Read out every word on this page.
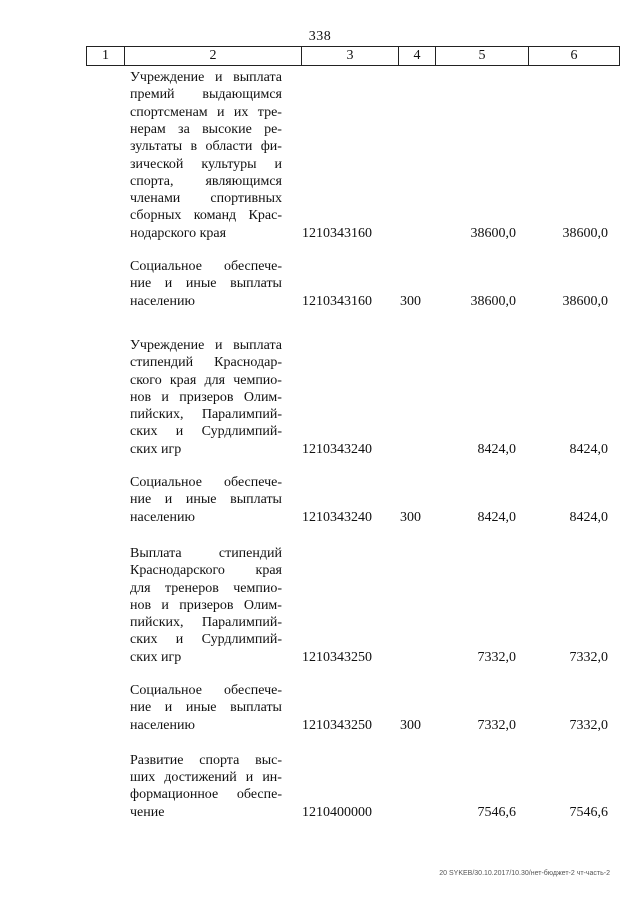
338
1	2	3	4	5	6
Учреждение и выплата
премий выдающимся
спортсменам и их тре-
нерам за высокие ре-
зультаты в области фи-
зической культуры и
спорта, являющимся
членами спортивных
сборных команд Крас-
нодарского края	1210343160	38600,0	38600,0
Социальное обеспече-
ние и иные выплаты
населению	1210343160 300	38600,0	38600,0
Учреждение и выплата
стипендий Краснодар-
ского края для чемпио-
нов и призеров Олим-
пийских, Паралимпий-
ских и Сурдлимпий-
ских игр	1210343240	8424,0	8424,0
Социальное обеспече-
ние и иные выплаты
населению	1210343240 300	8424,0	8424,0
Выплата	стипендий
Краснодарского края
для тренеров чемпио-
нов и призеров Олим-
пийских, Паралимпий-
ских и Сурдлимпий-
ских игр	1210343250	7332,0	7332,0
Социальное обеспече-
ние и иные выплаты
населению	1210343250 300	7332,0	7332,0
Развитие спорта выс-
ших достижений и ин-
формационное обеспе-
чение	1210400000	7546,6	7546,6
20 SYKEB/30.10.2017/10.30/нет-бюджет-2 чт-часть-2
